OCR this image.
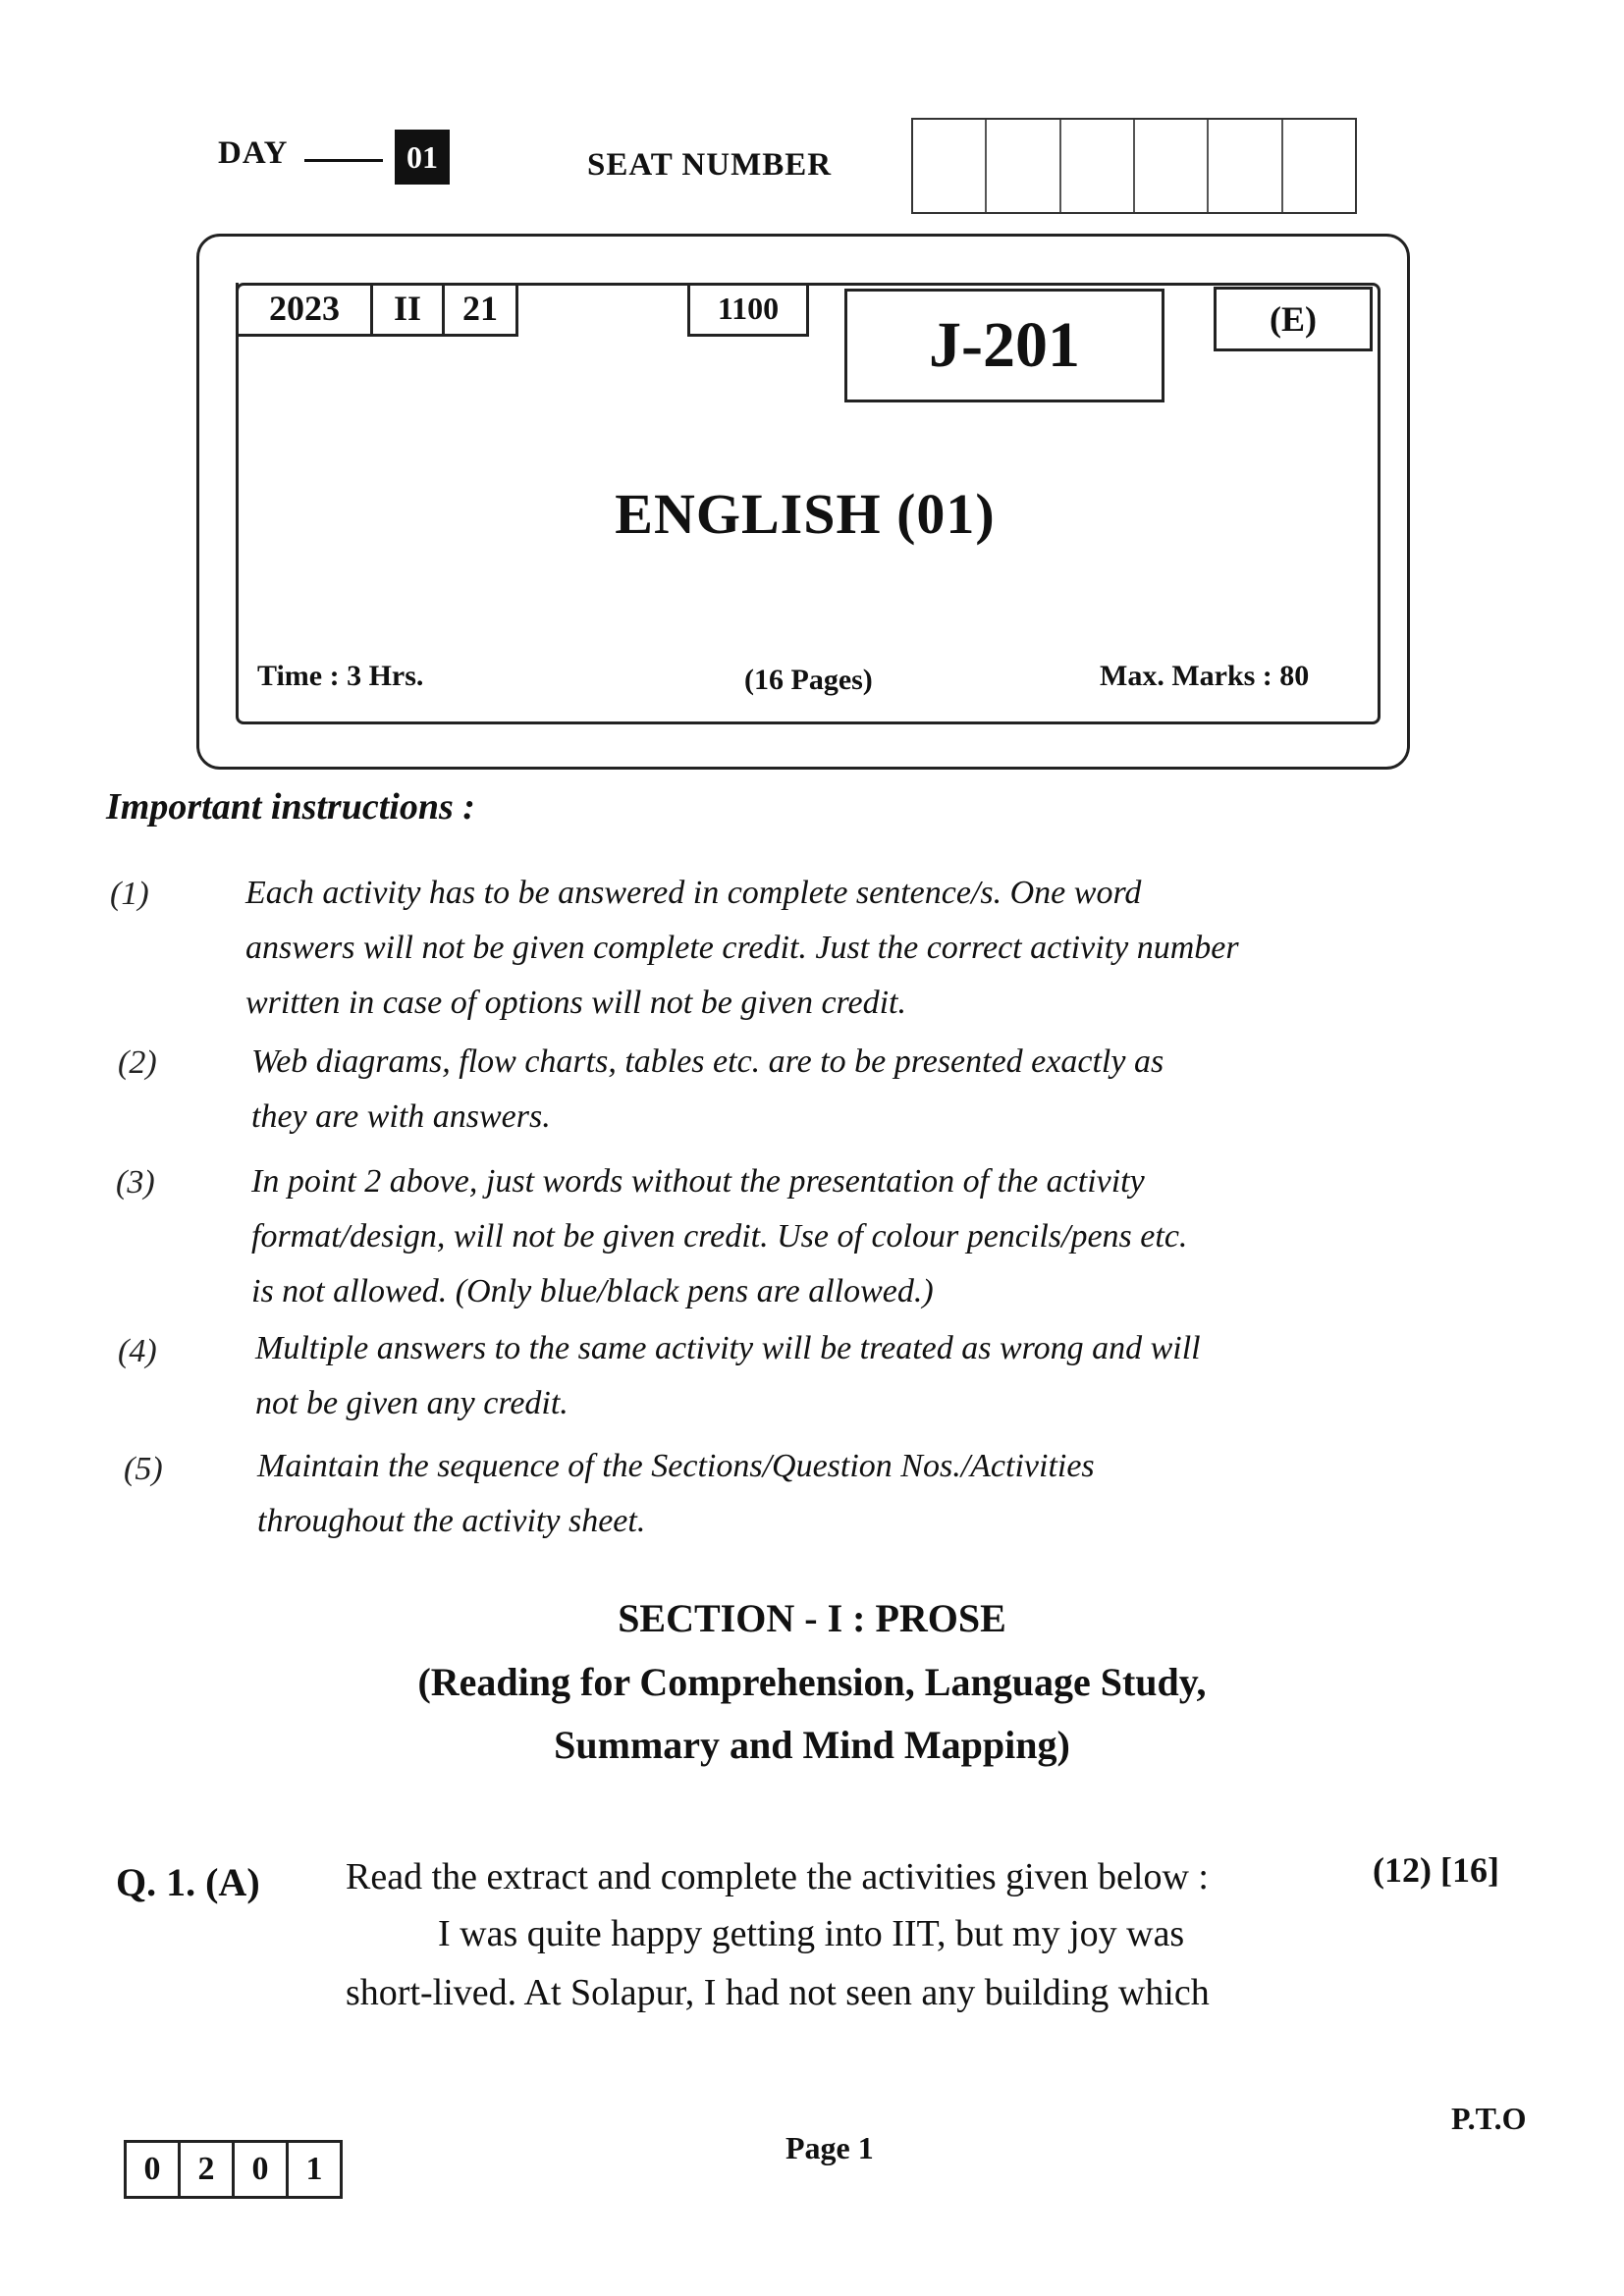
DAY	01	SEAT NUMBER
2023	II	21	1100
J-201	(E)
ENGLISH (01)
Time : 3 Hrs.	(16 Pages)	Max. Marks : 80
Important instructions :
(1)	Each activity has to be answered in complete sentence/s. One word
answers will not be given complete credit. Just the correct activity number
written in case of options will not be given credit.
(2)	Web diagrams, flow charts, tables etc. are to be presented exactly as
they are with answers.
(3)	In point 2 above, just words without the presentation of the activity
format/design, will not be given credit. Use of colour pencils/pens etc.
is not allowed. (Only blue/black pens are allowed.)
(4)	Multiple answers to the same activity will be treated as wrong and will
not be given any credit.
(5)	Maintain the sequence of the Sections/Question Nos./Activities
throughout the activity sheet.
SECTION - I : PROSE
(Reading for Comprehension, Language Study,
Summary and Mind Mapping)
Q. 1. (A) Read the extract and complete the activities given below :	(12) [16]
I was quite happy getting into IIT, but my joy was
short-lived. At Solapur, I had not seen any building which
0	2	0	1
Page 1
P.T.O
